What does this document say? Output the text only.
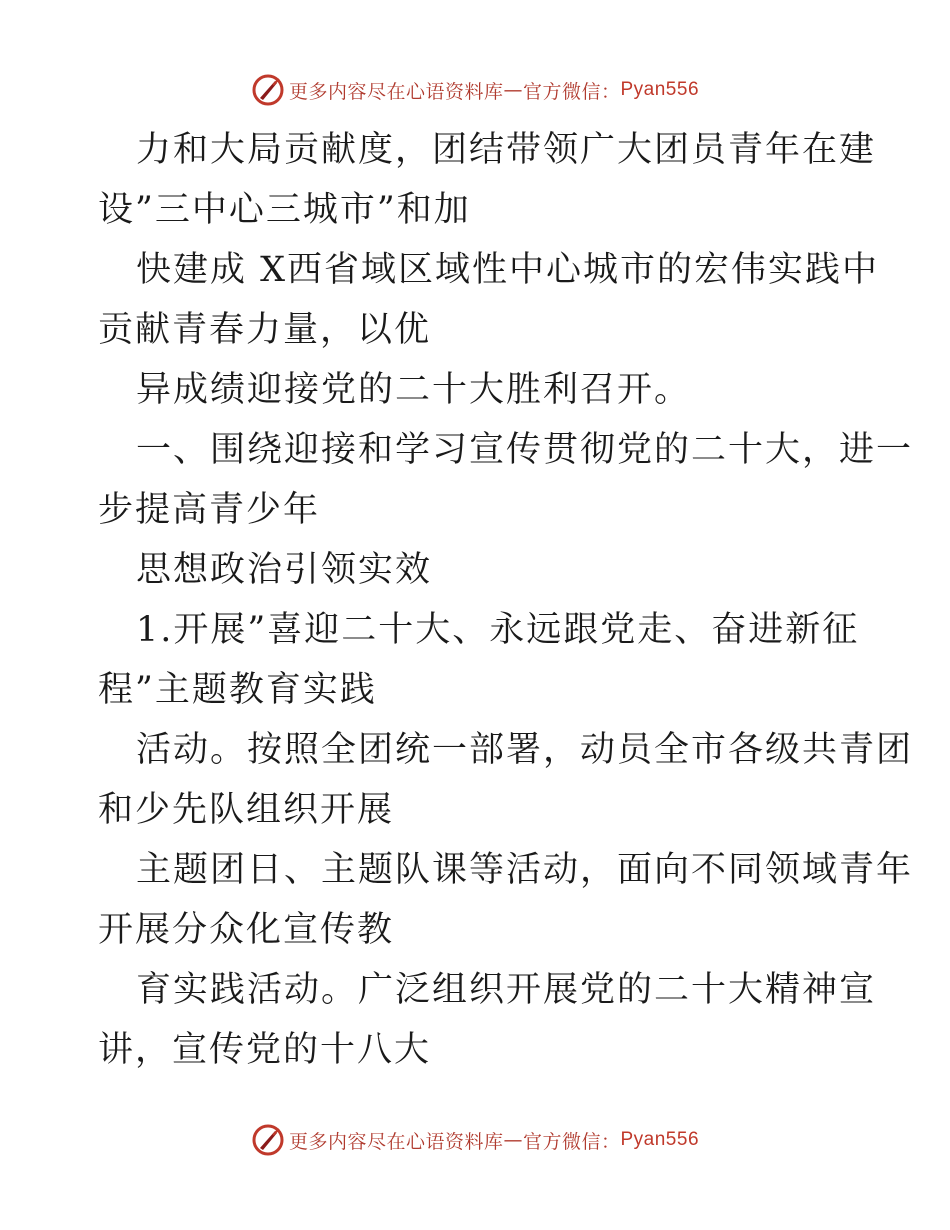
更多内容尽在心语资料库 — 官方微信： Pyan556
力和大局贡献度，团结带领广大团员青年在建
设”三中心三城市”和加
快建成 X西省域区域性中心城市的宏伟实践中
贡献青春力量，以优
异成绩迎接党的二十大胜利召开。
一、围绕迎接和学习宣传贯彻党的二十大，进一
步提高青少年
思想政治引领实效
1.开展”喜迎二十大、永远跟党走、奋进新征
程”主题教育实践
活动。按照全团统一部署，动员全市各级共青团
和少先队组织开展
主题团日、主题队课等活动，面向不同领域青年
开展分众化宣传教
育实践活动。广泛组织开展党的二十大精神宣
讲，宣传党的十八大
更多内容尽在心语资料库 — 官方微信： Pyan556
